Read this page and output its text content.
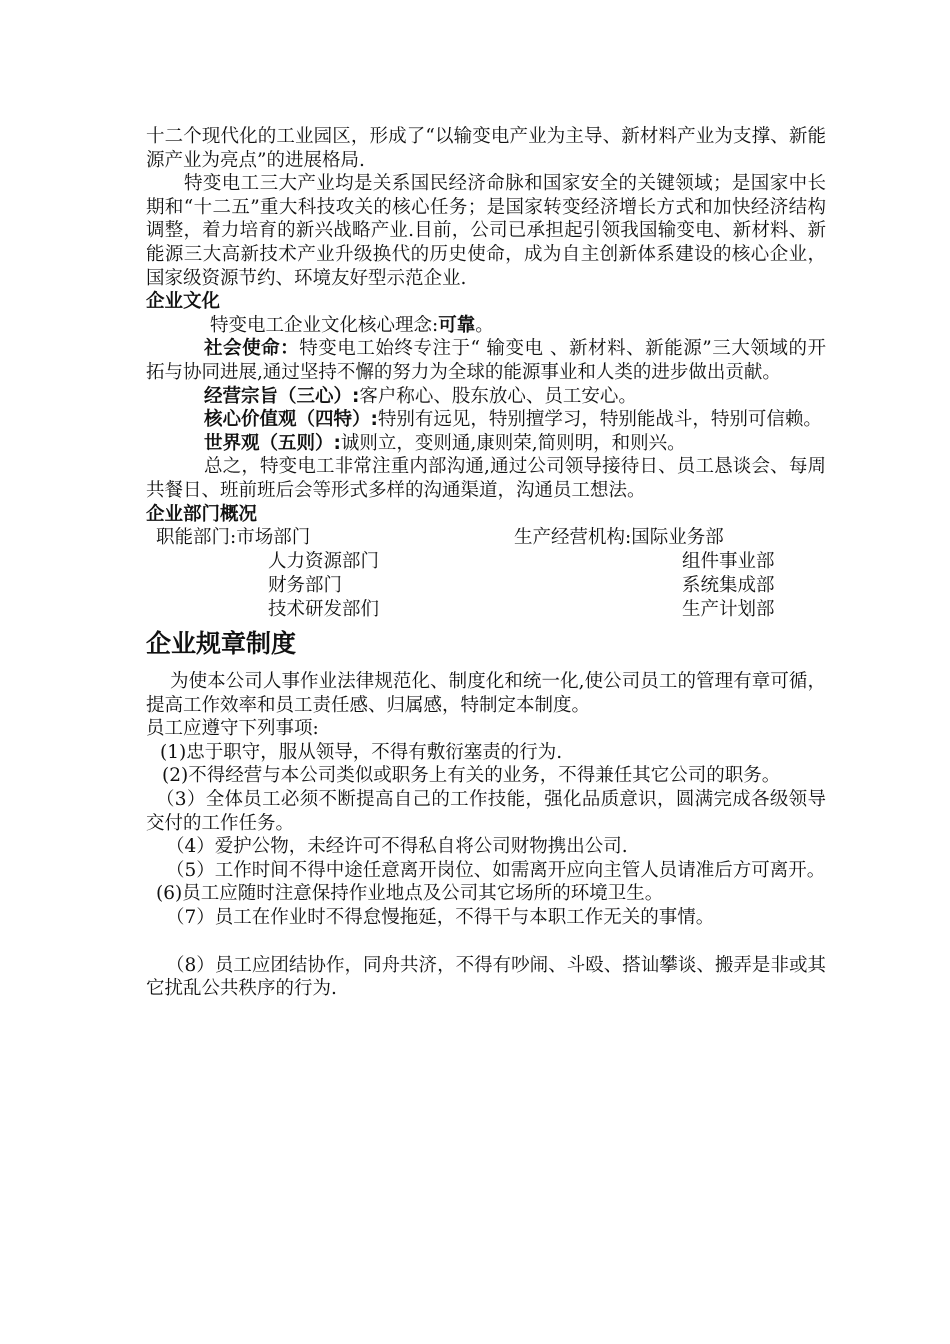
十二个现代化的工业园区，形成了“以输变电产业为主导、新材料产业为支撑、新能源产业为亮点”的进展格局.

特变电工三大产业均是关系国民经济命脉和国家安全的关键领域；是国家中长期和“十二五”重大科技攻关的核心任务；是国家转变经济增长方式和加快经济结构调整，着力培育的新兴战略产业.目前，公司已承担起引领我国输变电、新材料、新能源三大高新技术产业升级换代的历史使命，成为自主创新体系建设的核心企业，国家级资源节约、环境友好型示范企业.

企业文化

特变电工企业文化核心理念:可靠。

社会使命：特变电工始终专注于“ 输变电 、新材料、新能源”三大领域的开拓与协同进展,通过坚持不懈的努力为全球的能源事业和人类的进步做出贡献。

经营宗旨（三心）:客户称心、股东放心、员工安心。

核心价值观（四特）:特别有远见，特别擅学习，特别能战斗，特别可信赖。

世界观（五则）:诚则立，变则通,康则荣,简则明，和则兴。

总之，特变电工非常注重内部沟通,通过公司领导接待日、员工恳谈会、每周共餐日、班前班后会等形式多样的沟通渠道，沟通员工想法。

企业部门概况

职能部门:市场部门
人力资源部门
财务部门
技术研发部们
生产经营机构:国际业务部
组件事业部
系统集成部
生产计划部

企业规章制度

为使本公司人事作业法律规范化、制度化和统一化,使公司员工的管理有章可循，提高工作效率和员工责任感、归属感，特制定本制度。

员工应遵守下列事项:

(1)忠于职守，服从领导，不得有敷衍塞责的行为.

(2)不得经营与本公司类似或职务上有关的业务，不得兼任其它公司的职务。

（3）全体员工必须不断提高自己的工作技能，强化品质意识，圆满完成各级领导交付的工作任务。

（4）爱护公物，未经许可不得私自将公司财物携出公司.

（5）工作时间不得中途任意离开岗位、如需离开应向主管人员请准后方可离开。

(6)员工应随时注意保持作业地点及公司其它场所的环境卫生。

（7）员工在作业时不得怠慢拖延，不得干与本职工作无关的事情。

（8）员工应团结协作，同舟共济，不得有吵闹、斗殴、搭讪攀谈、搬弄是非或其它扰乱公共秩序的行为.
